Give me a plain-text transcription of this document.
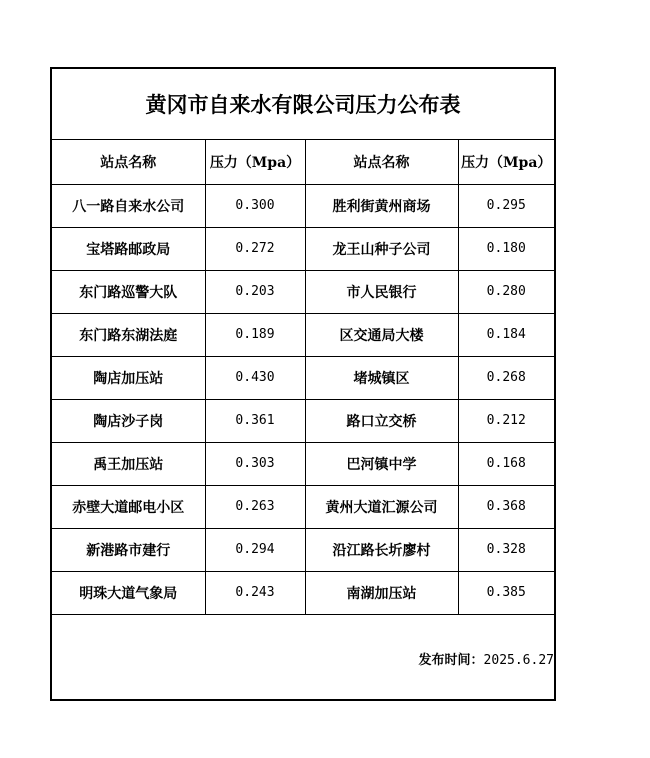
黄冈市自来水有限公司压力公布表
站点名称	压力（Mpa）	站点名称	压力（Mpa）
八一路自来水公司	0.300	胜利街黄州商场	0.295
宝塔路邮政局	0.272	龙王山种子公司	0.180
东门路巡警大队	0.203	市人民银行	0.280
东门路东湖法庭	0.189	区交通局大楼	0.184
陶店加压站	0.430	堵城镇区	0.268
陶店沙子岗	0.361	路口立交桥	0.212
禹王加压站	0.303	巴河镇中学	0.168
赤壁大道邮电小区	0.263	黄州大道汇源公司	0.368
新港路市建行	0.294	沿江路长圻廖村	0.328
明珠大道气象局	0.243	南湖加压站	0.385
发布时间：2025.6.27
